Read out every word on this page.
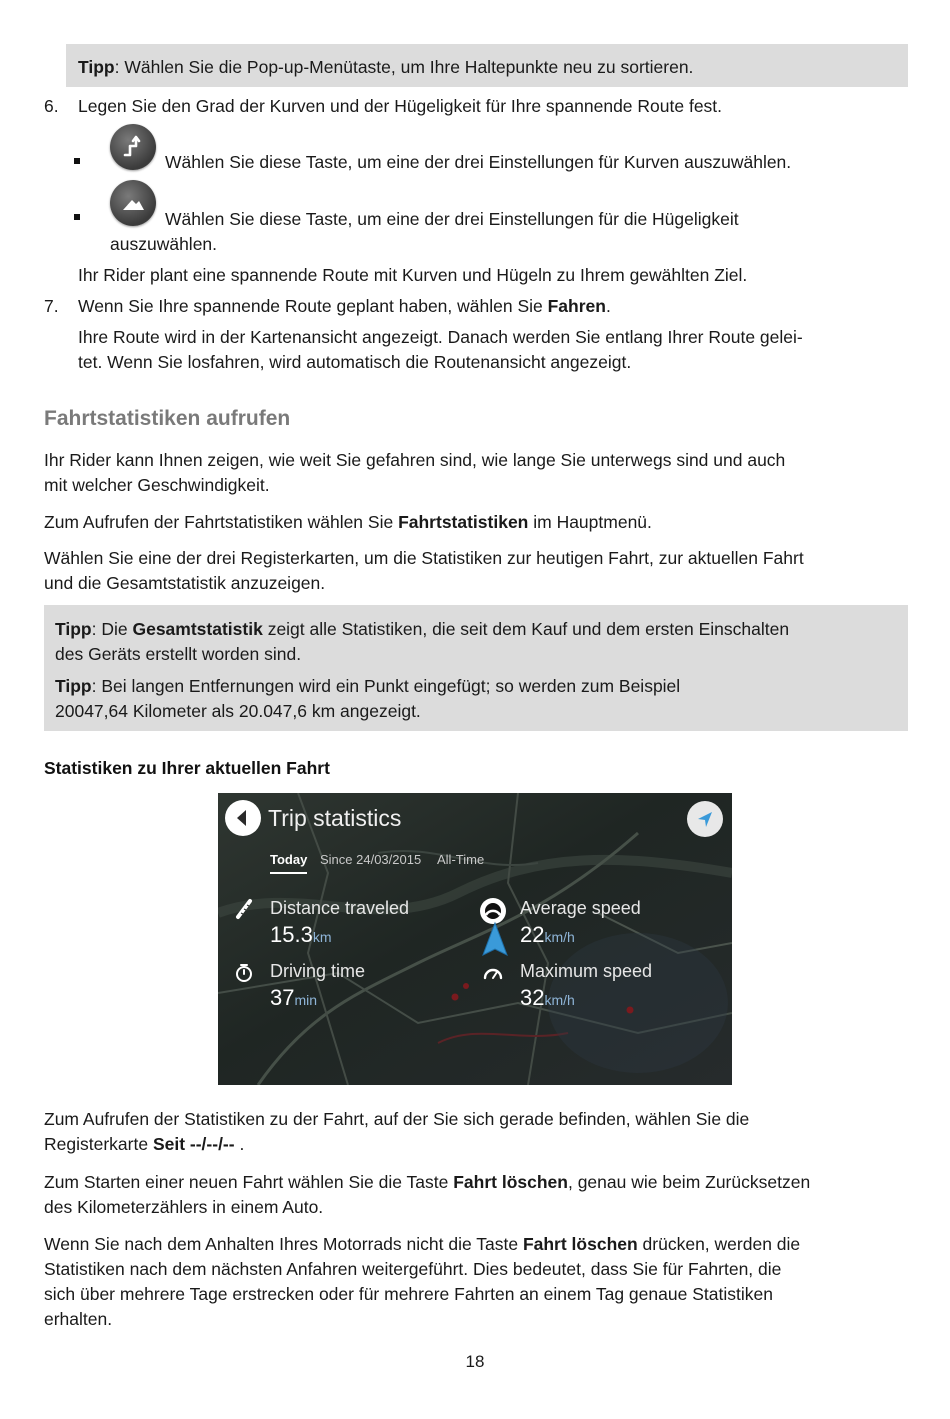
Tipp: Wählen Sie die Pop-up-Menütaste, um Ihre Haltepunkte neu zu sortieren.

6. Legen Sie den Grad der Kurven und der Hügeligkeit für Ihre spannende Route fest.

Wählen Sie diese Taste, um eine der drei Einstellungen für Kurven auszuwählen.

Wählen Sie diese Taste, um eine der drei Einstellungen für die Hügeligkeit

auszuwählen.

Ihr Rider plant eine spannende Route mit Kurven und Hügeln zu Ihrem gewählten Ziel.

7. Wenn Sie Ihre spannende Route geplant haben, wählen Sie Fahren.

Ihre Route wird in der Kartenansicht angezeigt. Danach werden Sie entlang Ihrer Route gelei-

tet. Wenn Sie losfahren, wird automatisch die Routenansicht angezeigt.

Fahrtstatistiken aufrufen

Ihr Rider kann Ihnen zeigen, wie weit Sie gefahren sind, wie lange Sie unterwegs sind und auch

mit welcher Geschwindigkeit.

Zum Aufrufen der Fahrtstatistiken wählen Sie Fahrtstatistiken im Hauptmenü.

Wählen Sie eine der drei Registerkarten, um die Statistiken zur heutigen Fahrt, zur aktuellen Fahrt

und die Gesamtstatistik anzuzeigen.

Tipp: Die Gesamtstatistik zeigt alle Statistiken, die seit dem Kauf und dem ersten Einschalten

des Geräts erstellt worden sind.

Tipp: Bei langen Entfernungen wird ein Punkt eingefügt; so werden zum Beispiel

20047,64 Kilometer als 20.047,6 km angezeigt.

Statistiken zu Ihrer aktuellen Fahrt
Trip statistics
Today Since 24/03/2015 All-Time
Distance traveled
15.3km
Driving time
37min
Average speed
22km/h
Maximum speed
32km/h

Zum Aufrufen der Statistiken zu der Fahrt, auf der Sie sich gerade befinden, wählen Sie die

Registerkarte Seit --/--/-- .

Zum Starten einer neuen Fahrt wählen Sie die Taste Fahrt löschen, genau wie beim Zurücksetzen

des Kilometerzählers in einem Auto.

Wenn Sie nach dem Anhalten Ihres Motorrads nicht die Taste Fahrt löschen drücken, werden die

Statistiken nach dem nächsten Anfahren weitergeführt. Dies bedeutet, dass Sie für Fahrten, die

sich über mehrere Tage erstrecken oder für mehrere Fahrten an einem Tag genaue Statistiken

erhalten.

18
